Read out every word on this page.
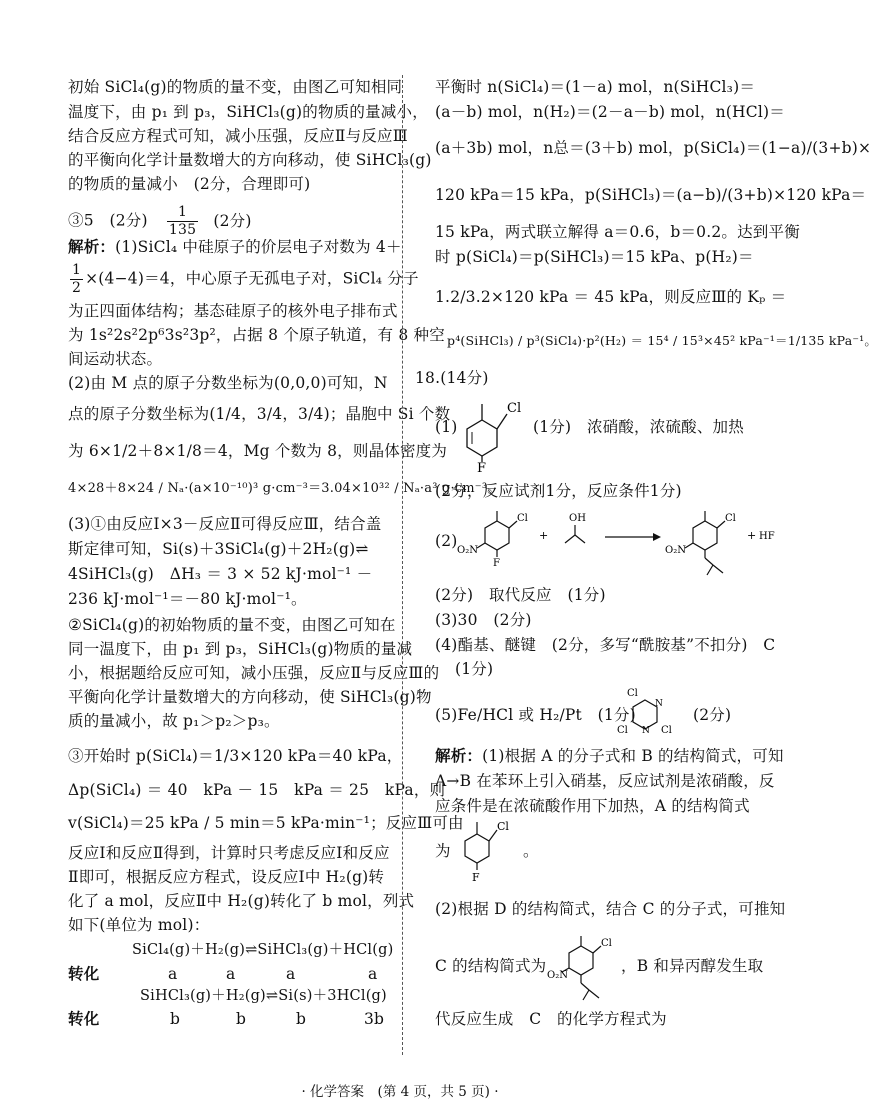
初始 SiCl₄(g)的物质的量不变，由图乙可知相同
温度下，由 p₁ 到 p₃，SiHCl₃(g)的物质的量减小，
结合反应方程式可知，减小压强，反应Ⅱ与反应Ⅲ
的平衡向化学计量数增大的方向移动，使 SiHCl₃(g)
的物质的量减小　(2分，合理即可)
③5　(2分) $\frac{1}{135} (2$分)
解析：(1)SiCl₄ 中硅原子的价层电子对数为 4＋
$\frac{1}{2} \times(4-4)=4$，中心原子无孤电子对，SiCl₄ 分子
为正四面体结构；基态硅原子的核外电子排布式
为 1s²2s²2p⁶3s²3p²，占据 8 个原子轨道，有 8 种空
间运动状态。
(2)由 M 点的原子分数坐标为(0,0,0)可知，N
点的原子分数坐标为(1/4，3/4，3/4)；晶胞中 Si 个数
为 6×1/2＋8×1/8＝4，Mg 个数为 8，则晶体密度为
4×28＋8×24 / Nₐ·(a×10⁻¹⁰)³ g·cm⁻³＝3.04×10³² / Nₐ·a³ g·cm⁻³。
(3)①由反应Ⅰ×3－反应Ⅱ可得反应Ⅲ，结合盖
斯定律可知，Si(s)＋3SiCl₄(g)＋2H₂(g)⇌
4SiHCl₃(g)　ΔH₃ ＝ 3 × 52 kJ·mol⁻¹ －
236 kJ·mol⁻¹＝－80 kJ·mol⁻¹。
②SiCl₄(g)的初始物质的量不变，由图乙可知在
同一温度下，由 p₁ 到 p₃，SiHCl₃(g)物质的量减
小，根据题给反应可知，减小压强，反应Ⅱ与反应Ⅲ的
平衡向化学计量数增大的方向移动，使 SiHCl₃(g)物
质的量减小，故 p₁＞p₂＞p₃。
③开始时 p(SiCl₄)＝1/3×120 kPa＝40 kPa，
Δp(SiCl₄) ＝ 40　kPa － 15　kPa ＝ 25　kPa，则
v(SiCl₄)＝25 kPa / 5 min＝5 kPa·min⁻¹；反应Ⅲ可由
反应Ⅰ和反应Ⅱ得到，计算时只考虑反应Ⅰ和反应
Ⅱ即可，根据反应方程式，设反应Ⅰ中 H₂(g)转
化了 a mol，反应Ⅱ中 H₂(g)转化了 b mol，列式
如下(单位为 mol)：
SiCl₄(g)＋H₂(g)⇌SiHCl₃(g)＋HCl(g)
转化	a	a	a	a
SiHCl₃(g)＋H₂(g)⇌Si(s)＋3HCl(g)
转化	b	b	b	3b
平衡时 n(SiCl₄)＝(1－a) mol，n(SiHCl₃)＝
(a－b) mol，n(H₂)＝(2－a－b) mol，n(HCl)＝
(a＋3b) mol，n总＝(3＋b) mol，p(SiCl₄)＝(1−a)/(3+b)×
120 kPa＝15 kPa，p(SiHCl₃)＝(a−b)/(3+b)×120 kPa＝
15 kPa，两式联立解得 a＝0.6，b＝0.2。达到平衡
时 p(SiCl₄)＝p(SiHCl₃)＝15 kPa、p(H₂)＝
1.2/3.2×120 kPa ＝ 45 kPa，则反应Ⅲ的 Kₚ ＝
p⁴(SiHCl₃) / p³(SiCl₄)·p²(H₂) ＝ 15⁴ / 15³×45² kPa⁻¹＝1/135 kPa⁻¹。
18.(14分)
(1)
Cl
F
(1分)　浓硝酸，浓硫酸、加热
(2分，反应试剂1分，反应条件1分)
(2)
Cl
O₂N
F
+
OH	Cl
O₂N
+ HF
(2分)　取代反应　(1分)
(3)30　(2分)
(4)酯基、醚键　(2分，多写“酰胺基”不扣分)　C
(1分)
(5)Fe/HCl 或 H₂/Pt　(1分)
Cl
N
N
Cl	Cl
(2分)
解析：(1)根据 A 的分子式和 B 的结构简式，可知
A→B 在苯环上引入硝基，反应试剂是浓硝酸，反
应条件是在浓硫酸作用下加热，A 的结构简式
为
Cl
F
。
(2)根据 D 的结构简式，结合 C 的分子式，可推知
C 的结构简式为
Cl
O₂N
，B 和异丙醇发生取
代反应生成　C　的化学方程式为
· 化学答案　(第 4 页，共 5 页) ·
